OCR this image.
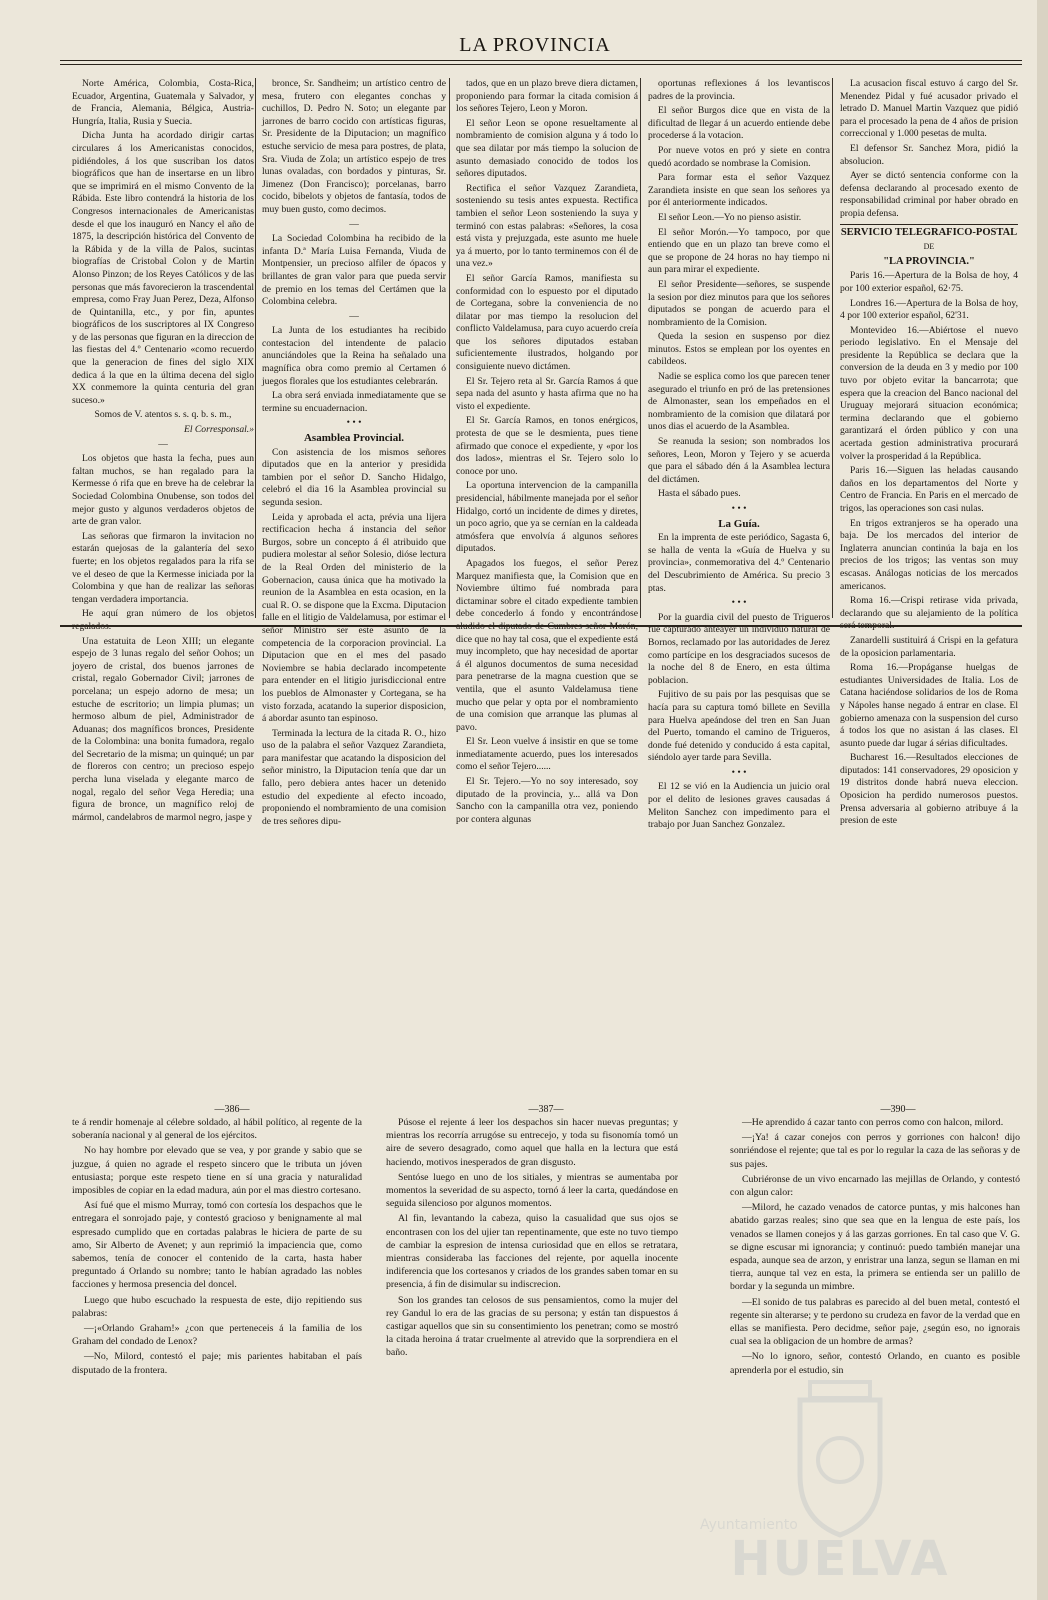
LA PROVINCIA

Norte América, Colombia, Costa-Rica, Ecuador, Argentina, Guatemala y Salvador, y de Francia, Alemania, Bélgica, Austria-Hungría, Italia, Rusia y Suecia.

Dicha Junta ha acordado dirigir cartas circulares á los Americanistas conocidos, pidiéndoles, á los que suscriban los datos biográficos que han de insertarse en un libro que se imprimirá en el mismo Convento de la Rábida. Este libro contendrá la historia de los Congresos internacionales de Americanistas desde el que los inauguró en Nancy el año de 1875, la descripción histórica del Convento de la Rábida y de la villa de Palos, sucintas biografías de Cristobal Colon y de Martin Alonso Pinzon; de los Reyes Católicos y de las personas que más favorecieron la trascendental empresa, como Fray Juan Perez, Deza, Alfonso de Quintanilla, etc., y por fin, apuntes biográficos de los suscriptores al IX Congreso y de las personas que figuran en la direccion de las fiestas del 4.º Centenario «como recuerdo que la generacion de fines del siglo XIX dedica á la que en la última decena del siglo XX conmemore la quinta centuria del gran suceso.»

Somos de V. atentos s. s. q. b. s. m.,

El Corresponsal.»

—

Los objetos que hasta la fecha, pues aun faltan muchos, se han regalado para la Kermesse ó rifa que en breve ha de celebrar la Sociedad Colombina Onubense, son todos del mejor gusto y algunos verdaderos objetos de arte de gran valor.

Las señoras que firmaron la invitacion no estarán quejosas de la galantería del sexo fuerte; en los objetos regalados para la rifa se ve el deseo de que la Kermesse iniciada por la Colombina y que han de realizar las señoras tengan verdadera importancia.

He aquí gran número de los objetos regalados.

Una estatuita de Leon XIII; un elegante espejo de 3 lunas regalo del señor Oohos; un joyero de cristal, dos buenos jarrones de cristal, regalo Gobernador Civil; jarrones de porcelana; un espejo adorno de mesa; un estuche de escritorio; un limpia plumas; un hermoso album de piel, Administrador de Aduanas; dos magníficos bronces, Presidente de la Colombina: una bonita fumadora, regalo del Secretario de la misma; un quinqué; un par de floreros con centro; un precioso espejo percha luna viselada y elegante marco de nogal, regalo del señor Vega Heredia; una figura de bronce, un magnífico reloj de mármol, candelabros de marmol negro, jaspe y

bronce, Sr. Sandheim; un artístico centro de mesa, frutero con elegantes conchas y cuchillos, D. Pedro N. Soto; un elegante par jarrones de barro cocido con artísticas figuras, Sr. Presidente de la Diputacion; un magnífico estuche servicio de mesa para postres, de plata, Sra. Viuda de Zola; un artístico espejo de tres lunas ovaladas, con bordados y pinturas, Sr. Jimenez (Don Francisco); porcelanas, barro cocido, bibelots y objetos de fantasía, todos de muy buen gusto, como decimos.

—

La Sociedad Colombina ha recibido de la infanta D.ª María Luisa Fernanda, Viuda de Montpensier, un precioso alfiler de ópacos y brillantes de gran valor para que pueda servir de premio en los temas del Certámen que la Colombina celebra.

—

La Junta de los estudiantes ha recibido contestacion del intendente de palacio anunciándoles que la Reina ha señalado una magnífica obra como premio al Certamen ó juegos florales que los estudiantes celebrarán.

La obra será enviada inmediatamente que se termine su encuadernacion.

• • •

Asamblea Provincial.

Con asistencia de los mismos señores diputados que en la anterior y presidida tambien por el señor D. Sancho Hidalgo, celebró el dia 16 la Asamblea provincial su segunda sesion.

Leida y aprobada el acta, prévia una lijera rectificacion hecha á instancia del señor Burgos, sobre un concepto á él atribuido que pudiera molestar al señor Solesio, dióse lectura de la Real Orden del ministerio de la Gobernacion, causa única que ha motivado la reunion de la Asamblea en esta ocasion, en la cual R. O. se dispone que la Excma. Diputacion falle en el litigio de Valdelamusa, por estimar el señor Ministro ser este asunto de la competencia de la corporacion provincial. La Diputacion que en el mes del pasado Noviembre se habia declarado incompetente para entender en el litigio jurisdiccional entre los pueblos de Almonaster y Cortegana, se ha visto forzada, acatando la superior disposicion, á abordar asunto tan espinoso.

Terminada la lectura de la citada R. O., hizo uso de la palabra el señor Vazquez Zarandieta, para manifestar que acatando la disposicion del señor ministro, la Diputacion tenía que dar un fallo, pero debiera antes hacer un detenido estudio del expediente al efecto incoado, proponiendo el nombramiento de una comision de tres señores dipu-

tados, que en un plazo breve diera dictamen, proponiendo para formar la citada comision á los señores Tejero, Leon y Moron.

El señor Leon se opone resueltamente al nombramiento de comision alguna y á todo lo que sea dilatar por más tiempo la solucion de asunto demasiado conocido de todos los señores diputados.

Rectifica el señor Vazquez Zarandieta, sosteniendo su tesis antes expuesta. Rectifica tambien el señor Leon sosteniendo la suya y terminó con estas palabras: «Señores, la cosa está vista y prejuzgada, este asunto me huele ya á muerto, por lo tanto terminemos con él de una vez.»

El señor García Ramos, manifiesta su conformidad con lo espuesto por el diputado de Cortegana, sobre la conveniencia de no dilatar por mas tiempo la resolucion del conflicto Valdelamusa, para cuyo acuerdo creía que los señores diputados estaban suficientemente ilustrados, holgando por consiguiente nuevo dictámen.

El Sr. Tejero reta al Sr. García Ramos á que sepa nada del asunto y hasta afirma que no ha visto el expediente.

El Sr. García Ramos, en tonos enérgicos, protesta de que se le desmienta, pues tiene afirmado que conoce el expediente, y «por los dos lados», mientras el Sr. Tejero solo lo conoce por uno.

La oportuna intervencion de la campanilla presidencial, hábilmente manejada por el señor Hidalgo, cortó un incidente de dimes y diretes, un poco agrio, que ya se cernían en la caldeada atmósfera que envolvía á algunos señores diputados.

Apagados los fuegos, el señor Perez Marquez manifiesta que, la Comision que en Noviembre último fué nombrada para dictaminar sobre el citado expediente tambien debe concederlo á fondo y encontrándose aludido el diputado de Cumbres señor Morón, dice que no hay tal cosa, que el expediente está muy incompleto, que hay necesidad de aportar á él algunos documentos de suma necesidad para penetrarse de la magna cuestion que se ventila, que el asunto Valdelamusa tiene mucho que pelar y opta por el nombramiento de una comision que arranque las plumas al pavo.

El Sr. Leon vuelve á insistir en que se tome inmediatamente acuerdo, pues los interesados como el señor Tejero......

El Sr. Tejero.—Yo no soy interesado, soy diputado de la provincia, y... allá va Don Sancho con la campanilla otra vez, poniendo por contera algunas

oportunas reflexiones á los levantiscos padres de la provincia.

El señor Burgos dice que en vista de la dificultad de llegar á un acuerdo entiende debe procederse á la votacion.

Por nueve votos en pró y siete en contra quedó acordado se nombrase la Comision.

Para formar esta el señor Vazquez Zarandieta insiste en que sean los señores ya por él anteriormente indicados.

El señor Leon.—Yo no pienso asistir.

El señor Morón.—Yo tampoco, por que entiendo que en un plazo tan breve como el que se propone de 24 horas no hay tiempo ni aun para mirar el expediente.

El señor Presidente—señores, se suspende la sesion por diez minutos para que los señores diputados se pongan de acuerdo para el nombramiento de la Comision.

Queda la sesion en suspenso por diez minutos. Estos se emplean por los oyentes en cabildeos.

Nadie se esplica como los que parecen tener asegurado el triunfo en pró de las pretensiones de Almonaster, sean los empeñados en el nombramiento de la comision que dilatará por unos dias el acuerdo de la Asamblea.

Se reanuda la sesion; son nombrados los señores, Leon, Moron y Tejero y se acuerda que para el sábado dén á la Asamblea lectura del dictámen.

Hasta el sábado pues.

• • •

La Guía.

En la imprenta de este periódico, Sagasta 6, se halla de venta la «Guía de Huelva y su provincia», conmemorativa del 4.º Centenario del Descubrimiento de América. Su precio 3 ptas.

• • •

Por la guardia civil del puesto de Trigueros fué capturado anteayer un individuo natural de Bornos, reclamado por las autoridades de Jerez como partícipe en los desgraciados sucesos de la noche del 8 de Enero, en esta última poblacion.

Fujitivo de su pais por las pesquisas que se hacía para su captura tomó billete en Sevilla para Huelva apeándose del tren en San Juan del Puerto, tomando el camino de Trigueros, donde fué detenido y conducido á esta capital, siéndolo ayer tarde para Sevilla.

• • •

El 12 se vió en la Audiencia un juicio oral por el delito de lesiones graves causadas á Meliton Sanchez con impedimento para el trabajo por Juan Sanchez Gonzalez.

La acusacion fiscal estuvo á cargo del Sr. Menendez Pidal y fué acusador privado el letrado D. Manuel Martin Vazquez que pidió para el procesado la pena de 4 años de prision correccional y 1.000 pesetas de multa.

El defensor Sr. Sanchez Mora, pidió la absolucion.

Ayer se dictó sentencia conforme con la defensa declarando al procesado exento de responsabilidad criminal por haber obrado en propia defensa.

SERVICIO TELEGRAFICO-POSTAL

DE

"LA PROVINCIA."

Paris 16.—Apertura de la Bolsa de hoy, 4 por 100 exterior español, 62·75.

Londres 16.—Apertura de la Bolsa de hoy, 4 por 100 exterior español, 62'31.

Montevideo 16.—Abiértose el nuevo periodo legislativo. En el Mensaje del presidente la República se declara que la conversion de la deuda en 3 y medio por 100 tuvo por objeto evitar la bancarrota; que espera que la creacion del Banco nacional del Uruguay mejorará situacion económica; termina declarando que el gobierno garantizará el órden público y con una acertada gestion administrativa procurará volver la prosperidad á la República.

Paris 16.—Siguen las heladas causando daños en los departamentos del Norte y Centro de Francia. En Paris en el mercado de trigos, las operaciones son casi nulas.

En trigos extranjeros se ha operado una baja. De los mercados del interior de Inglaterra anuncian continúa la baja en los precios de los trigos; las ventas son muy escasas. Análogas noticias de los mercados americanos.

Roma 16.—Crispi retirase vida privada, declarando que su alejamiento de la política será temporal.

Zanardelli sustituirá á Crispi en la gefatura de la oposicion parlamentaria.

Roma 16.—Propáganse huelgas de estudiantes Universidades de Italia. Los de Catana haciéndose solidarios de los de Roma y Nápoles hanse negado á entrar en clase. El gobierno amenaza con la suspension del curso á todos los que no asistan á las clases. El asunto puede dar lugar á sérias dificultades.

Bucharest 16.—Resultados elecciones de diputados: 141 conservadores, 29 oposicion y 19 distritos donde habrá nueva eleccion. Oposicion ha perdido numerosos puestos. Prensa adversaria al gobierno atribuye á la presion de este

—386—	—387—	—390—

te á rendir homenaje al célebre soldado, al hábil político, al regente de la soberanía nacional y al general de los ejércitos.

No hay hombre por elevado que se vea, y por grande y sabio que se juzgue, á quien no agrade el respeto sincero que le tributa un jóven entusiasta; porque este respeto tiene en sí una gracia y naturalidad imposibles de copiar en la edad madura, aún por el mas diestro cortesano.

Así fué que el mismo Murray, tomó con cortesía los despachos que le entregara el sonrojado paje, y contestó gracioso y benignamente al mal espresado cumplido que en cortadas palabras le hiciera de parte de su amo, Sir Alberto de Avenet; y aun reprimió la impaciencia que, como sabemos, tenía de conocer el contenido de la carta, hasta haber preguntado á Orlando su nombre; tanto le habían agradado las nobles facciones y hermosa presencia del doncel.

Luego que hubo escuchado la respuesta de este, dijo repitiendo sus palabras:

—¡«Orlando Graham!» ¿con que perteneceis á la familia de los Graham del condado de Lenox?

—No, Milord, contestó el paje; mis parientes habitaban el país disputado de la frontera.

Púsose el rejente á leer los despachos sin hacer nuevas preguntas; y mientras los recorría arrugóse su entrecejo, y toda su fisonomía tomó un aire de severo desagrado, como aquel que halla en la lectura que está haciendo, motivos inesperados de gran disgusto.

Sentóse luego en uno de los sitiales, y mientras se aumentaba por momentos la severidad de su aspecto, tornó á leer la carta, quedándose en seguida silencioso por algunos momentos.

Al fin, levantando la cabeza, quiso la casualidad que sus ojos se encontrasen con los del ujier tan repentinamente, que este no tuvo tiempo de cambiar la espresion de intensa curiosidad que en ellos se retratara, mientras consideraba las facciones del rejente, por aquella inocente indiferencia que los cortesanos y criados de los grandes saben tomar en su presencia, á fin de disimular su indiscrecion.

Son los grandes tan celosos de sus pensamientos, como la mujer del rey Gandul lo era de las gracias de su persona; y están tan dispuestos á castigar aquellos que sin su consentimiento los penetran; como se mostró la citada heroina á tratar cruelmente al atrevido que la sorprendiera en el baño.

—He aprendido á cazar tanto con perros como con halcon, milord.

—¡Ya! á cazar conejos con perros y gorriones con halcon! dijo sonriéndose el rejente; que tal es por lo regular la caza de las señoras y de sus pajes.

Cubriéronse de un vivo encarnado las mejillas de Orlando, y contestó con algun calor:

—Milord, he cazado venados de catorce puntas, y mis halcones han abatido garzas reales; sino que sea que en la lengua de este país, los venados se llamen conejos y á las garzas gorriones. En tal caso que V. G. se digne escusar mi ignorancia; y continuó: puedo también manejar una espada, aunque sea de arzon, y enristrar una lanza, segun se llaman en mi tierra, aunque tal vez en esta, la primera se entienda ser un palillo de bordar y la segunda un mimbre.

—El sonido de tus palabras es parecido al del buen metal, contestó el regente sin alterarse; y te perdono su crudeza en favor de la verdad que en ellas se manifiesta. Pero decidme, señor paje, ¿según eso, no ignorais cual sea la obligacion de un hombre de armas?

—No lo ignoro, señor, contestó Orlando, en cuanto es posible aprenderla por el estudio, sin

HUELVA
Ayuntamiento
